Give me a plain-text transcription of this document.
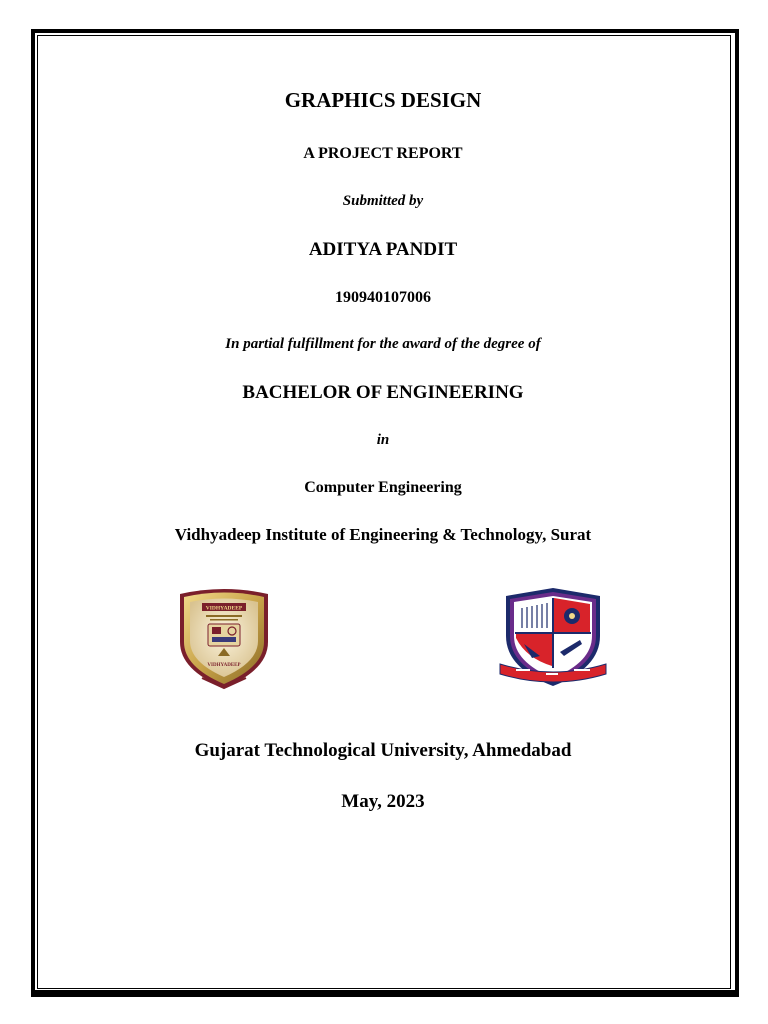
GRAPHICS DESIGN
A PROJECT REPORT
Submitted by
ADITYA PANDIT
190940107006
In partial fulfillment for the award of the degree of
BACHELOR OF ENGINEERING
in
Computer Engineering
Vidhyadeep Institute of Engineering & Technology, Surat
VIDHYADEEP
VIDHYADEEP
Gujarat Technological University, Ahmedabad
May, 2023
